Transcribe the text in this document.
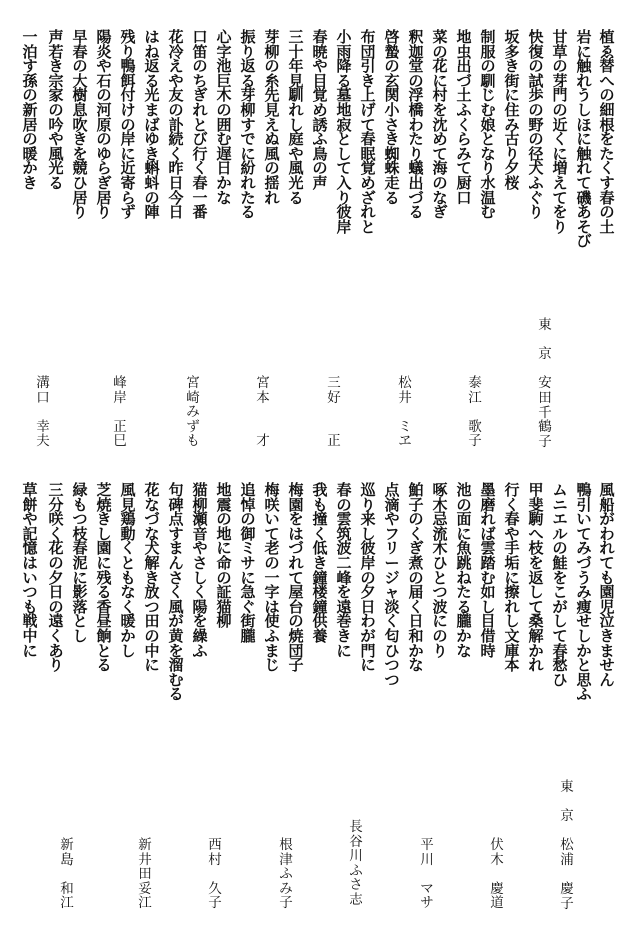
植
ゑ
替
へ
の
細
根
を
た
く
す
春
の
土
岩
に
触
れ
う
し
ほ
に
触
れ
て
磯
あ
そ
び
甘
草
の
芽
門
の
近
く
に
増
え
て
を
り
快
復
の
試
歩
の
野
の
径
犬
ふ
ぐ
り
坂
多
き
街
に
住
み
古
り
夕
桜
制
服
の
馴
じ
む
娘
と
な
り
水
温
む
地
虫
出
づ
土
ふ
く
ら
み
て
厨
口
菜
の
花
に
村
を
沈
め
て
海
の
な
ぎ
釈
迦
堂
の
浮
橋
わ
た
り
蟻
出
づ
る
啓
蟄
の
玄
関
小
さ
き
蜘
蛛
走
る
布
団
引
き
上
げ
て
春
眠
覚
め
ざ
れ
と
小
雨
降
る
墓
地
寂
と
し
て
入
り
彼
岸
春
暁
や
目
覚
め
誘
ふ
鳥
の
声
三
十
年
見
馴
れ
し
庭
や
風
光
る
芽
柳
の
糸
先
見
え
ぬ
風
の
揺
れ
振
り
返
る
芽
柳
す
で
に
紛
れ
た
る
心
字
池
巨
木
の
囲
む
遅
日
か
な
口
笛
の
ち
ぎ
れ
と
び
行
く
春
一
番
花
冷
え
や
友
の
訃
続
く
昨
日
今
日
は
ね
返
る
光
ま
ば
ゆ
き
蝌
蚪
の
陣
残
り
鴨
餌
付
け
の
岸
に
近
寄
ら
ず
陽
炎
や
石
の
河
原
の
ゆ
ら
ぎ
居
り
早
春
の
大
樹
息
吹
き
を
競
ひ
居
り
声
若
き
宗
家
の
吟
や
風
光
る
一
泊
す
孫
の
新
居
の
暖
か
き
東

京

安
田
千
鶴
子
泰
江

歌
子
松
井

ミ
ヱ
三
好

正
宮
本

才
宮
崎
み
ず
も
峰
岸

正
巳
溝
口

幸
夫
風
船
が
わ
れ
て
も
園
児
泣
き
ま
せ
ん
鴨
引
い
て
み
づ
う
み
痩
せ
し
か
と
思
ふ
ム
ニ
エ
ル
の
鮭
を
こ
が
し
て
春
愁
ひ
甲
斐
駒
へ
枝
を
返
し
て
桑
解
か
れ
行
く
春
や
手
垢
に
擦
れ
し
文
庫
本
墨
磨
れ
ば
雲
踏
む
如
し
目
借
時
池
の
面
に
魚
跳
ね
た
る
朧
か
な
啄
木
忌
流
木
ひ
と
つ
波
に
の
り
鮊
子
の
く
ぎ
煮
の
届
く
日
和
か
な
点
滴
や
フ
リ
ー
ジ
ャ
淡
く
匂
ひ
つ
つ
巡
り
来
し
彼
岸
の
夕
日
わ
が
門
に
春
の
雲
筑
波
二
峰
を
遠
巻
き
に
我
も
撞
く
低
き
鐘
楼
鐘
供
養
梅
園
を
は
づ
れ
て
屋
台
の
焼
団
子
梅
咲
い
て
老
の
一
字
は
使
ふ
ま
じ
追
悼
の
御
ミ
サ
に
急
ぐ
街
朧
地
震
の
地
に
命
の
証
猫
柳
猫
柳
瀬
音
や
さ
し
く
陽
を
繰
ふ
句
碑
点
す
ま
ん
さ
く
風
が
黄
を
溜
む
る
花
な
づ
な
犬
解
き
放
つ
田
の
中
に
風
見
鶏
動
く
と
も
な
く
暖
か
し
芝
焼
き
し
園
に
残
る
香
昼
餉
と
る
緑
も
つ
枝
春
泥
に
影
落
と
し
三
分
咲
く
花
の
夕
日
の
遠
く
あ
り
草
餅
や
記
憶
は
い
つ
も
戦
中
に
東

京

松
浦

慶
子
伏
木

慶
道
平
川

マ
サ
長
谷
川
ふ
さ
志
根
津
ふ
み
子
西
村

久
子
新
井
田
妥
江
新
島

和
江
